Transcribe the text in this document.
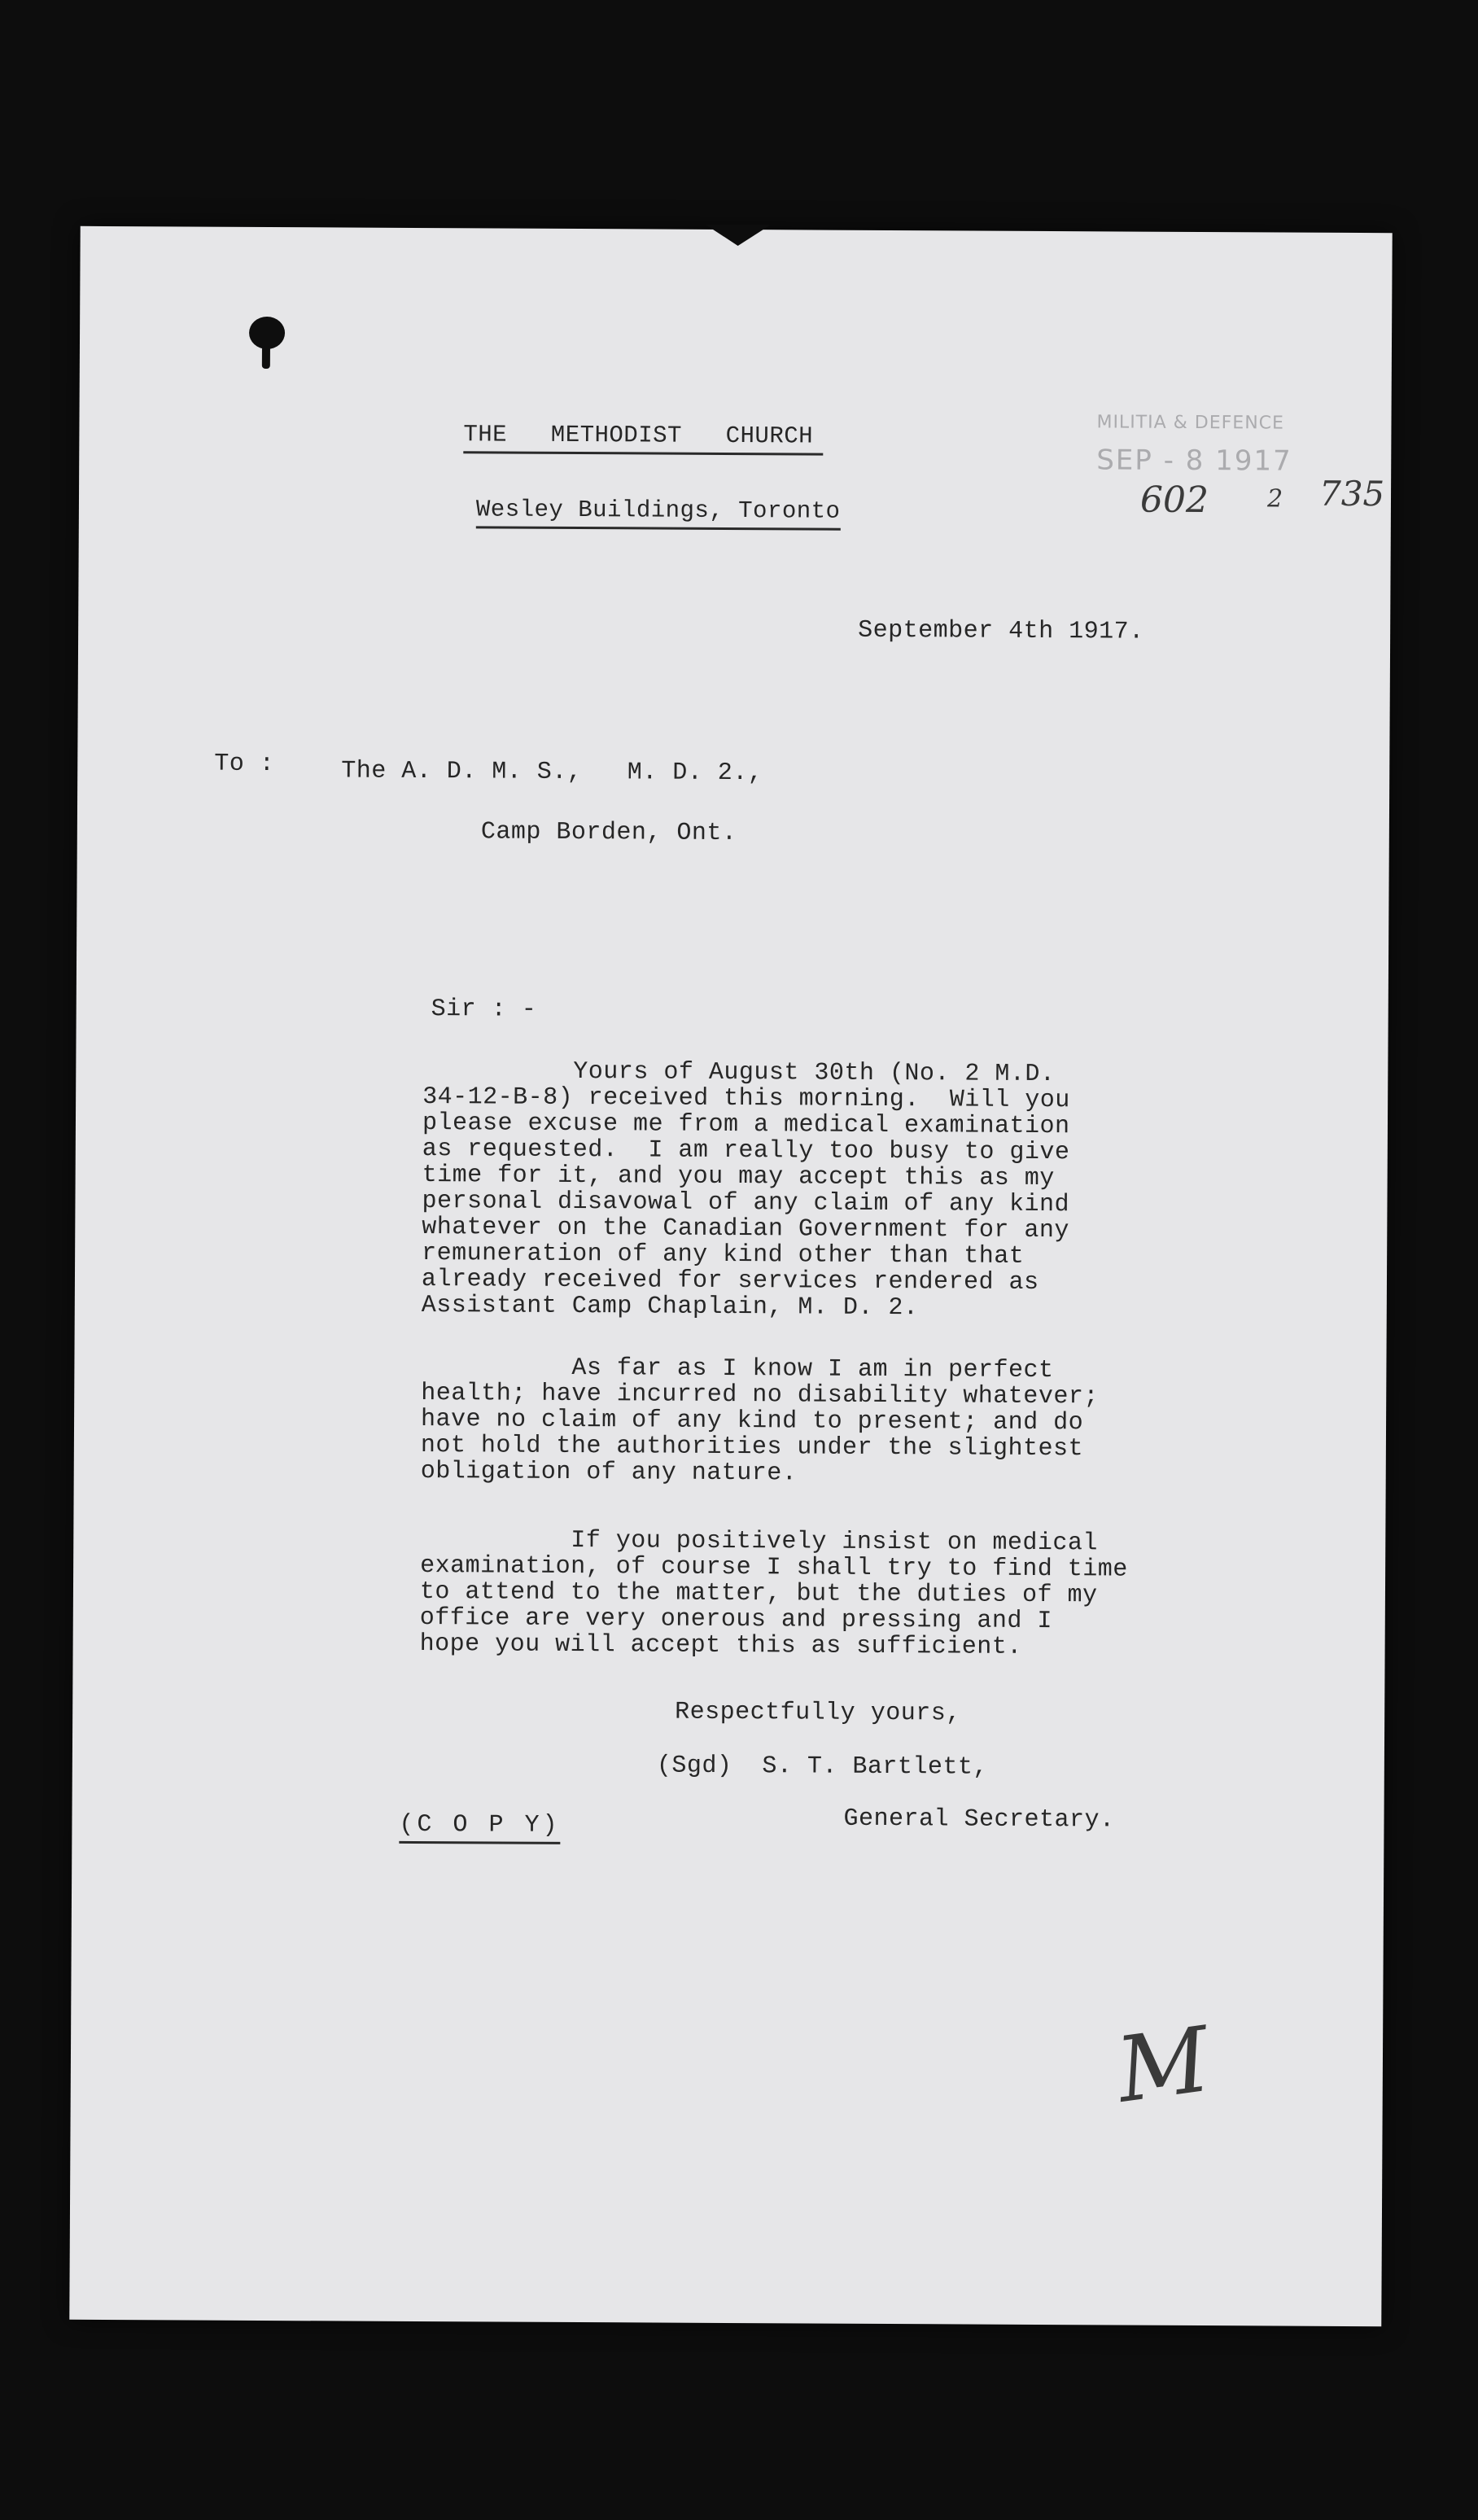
THE   METHODIST   CHURCH
Wesley Buildings, Toronto
MILITIA & DEFENCE
SEP - 8 1917
602 2 735
September 4th 1917.
To :	The A. D. M. S.,   M. D. 2.,
Camp Borden, Ont.
Sir : -
Yours of August 30th (No. 2 M.D.
34-12-B-8) received this morning.  Will you
please excuse me from a medical examination
as requested.  I am really too busy to give
time for it, and you may accept this as my
personal disavowal of any claim of any kind
whatever on the Canadian Government for any
remuneration of any kind other than that
already received for services rendered as
Assistant Camp Chaplain, M. D. 2.
As far as I know I am in perfect
health; have incurred no disability whatever;
have no claim of any kind to present; and do
not hold the authorities under the slightest
obligation of any nature.
If you positively insist on medical
examination, of course I shall try to find time
to attend to the matter, but the duties of my
office are very onerous and pressing and I
hope you will accept this as sufficient.
Respectfully yours,
(Sgd)  S. T. Bartlett,
General Secretary.
(C O P Y)
M
